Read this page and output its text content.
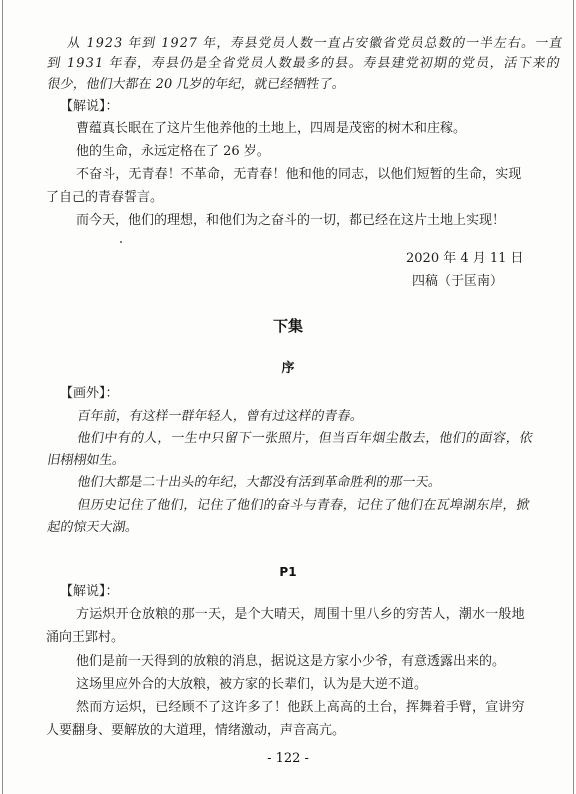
从 1923 年到 1927 年，寿县党员人数一直占安徽省党员总数的一半左右。一直
到 1931 年春，寿县仍是全省党员人数最多的县。寿县建党初期的党员，活下来的
很少，他们大都在 20 几岁的年纪，就已经牺牲了。
【解说】：
曹蕴真长眠在了这片生他养他的土地上，四周是茂密的树木和庄稼。
他的生命，永远定格在了 26 岁。
不奋斗，无青春！不革命，无青春！他和他的同志，以他们短暂的生命，实现
了自己的青春誓言。
而今天，他们的理想，和他们为之奋斗的一切，都已经在这片土地上实现！
2020 年 4 月 11 日
四稿（于匡南）
下集
序
【画外】：
百年前，有这样一群年轻人，曾有过这样的青春。
他们中有的人，一生中只留下一张照片，但当百年烟尘散去，他们的面容，依
旧栩栩如生。
他们大都是二十出头的年纪，大都没有活到革命胜利的那一天。
但历史记住了他们，记住了他们的奋斗与青春，记住了他们在瓦埠湖东岸，掀
起的惊天大湖。
P1
【解说】：
方运炽开仓放粮的那一天，是个大晴天，周围十里八乡的穷苦人，潮水一般地
涌向王郢村。
他们是前一天得到的放粮的消息，据说这是方家小少爷，有意透露出来的。
这场里应外合的大放粮，被方家的长辈们，认为是大逆不道。
然而方运炽，已经顾不了这许多了！他跃上高高的土台，挥舞着手臂，宣讲穷
人要翻身、要解放的大道理，情绪激动，声音高亢。
- 122 -
